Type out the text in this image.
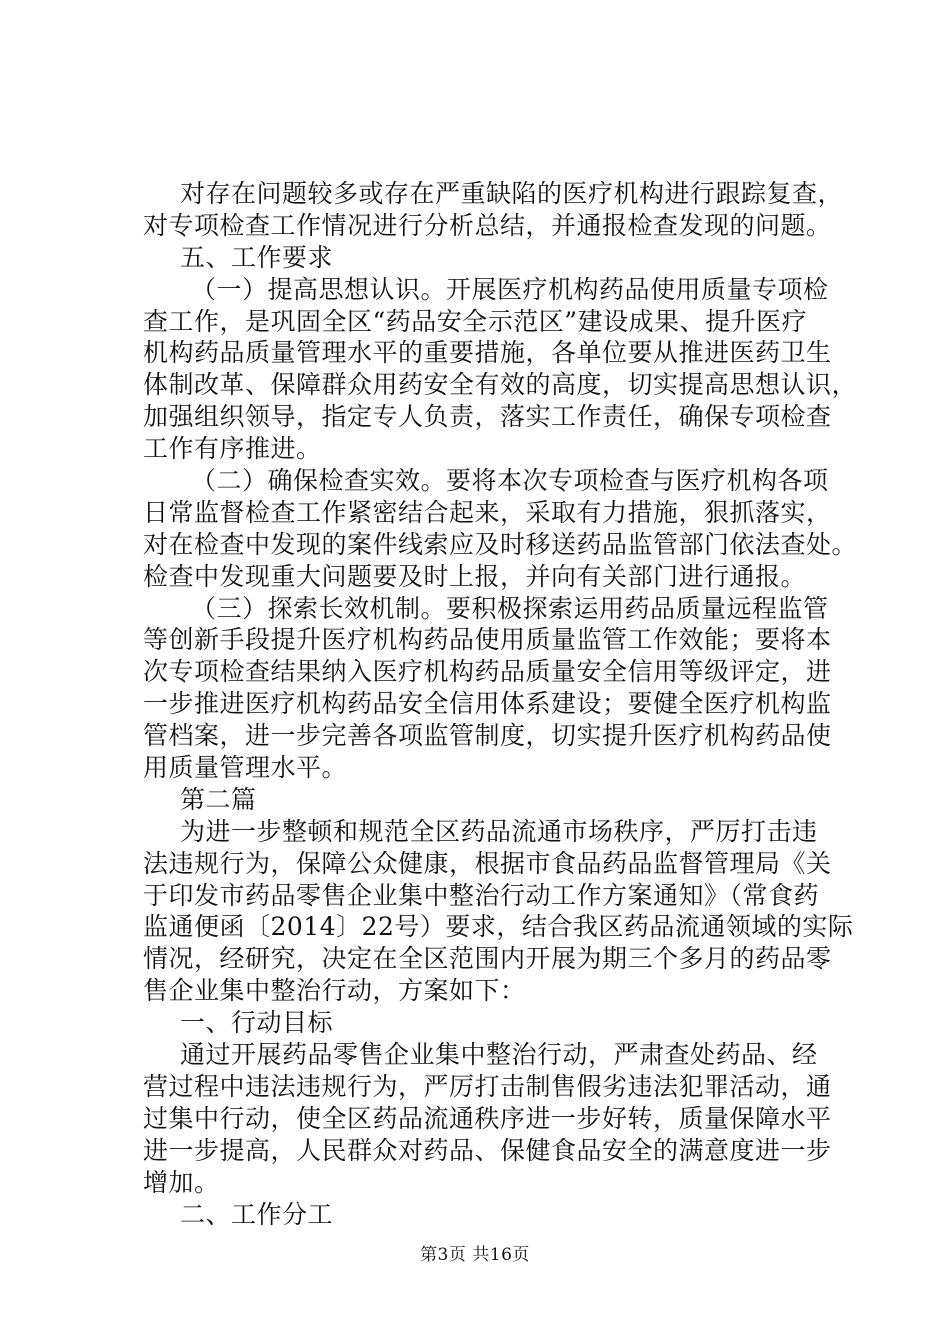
对存在问题较多或存在严重缺陷的医疗机构进行跟踪复查，
对专项检查工作情况进行分析总结，并通报检查发现的问题。
五、工作要求
（一）提高思想认识。开展医疗机构药品使用质量专项检
查工作，是巩固全区“药品安全示范区”建设成果、提升医疗
机构药品质量管理水平的重要措施，各单位要从推进医药卫生
体制改革、保障群众用药安全有效的高度，切实提高思想认识，
加强组织领导，指定专人负责，落实工作责任，确保专项检查
工作有序推进。
（二）确保检查实效。要将本次专项检查与医疗机构各项
日常监督检查工作紧密结合起来，采取有力措施，狠抓落实，
对在检查中发现的案件线索应及时移送药品监管部门依法查处。
检查中发现重大问题要及时上报，并向有关部门进行通报。
（三）探索长效机制。要积极探索运用药品质量远程监管
等创新手段提升医疗机构药品使用质量监管工作效能；要将本
次专项检查结果纳入医疗机构药品质量安全信用等级评定，进
一步推进医疗机构药品安全信用体系建设；要健全医疗机构监
管档案，进一步完善各项监管制度，切实提升医疗机构药品使
用质量管理水平。
第二篇
为进一步整顿和规范全区药品流通市场秩序，严厉打击违
法违规行为，保障公众健康，根据市食品药品监督管理局《关
于印发市药品零售企业集中整治行动工作方案通知》（常食药
监通便函〔2014〕22号）要求，结合我区药品流通领域的实际
情况，经研究，决定在全区范围内开展为期三个多月的药品零
售企业集中整治行动，方案如下：
一、行动目标
通过开展药品零售企业集中整治行动，严肃查处药品、经
营过程中违法违规行为，严厉打击制售假劣违法犯罪活动，通
过集中行动，使全区药品流通秩序进一步好转，质量保障水平
进一步提高，人民群众对药品、保健食品安全的满意度进一步
增加。
二、工作分工
第3页 共16页
